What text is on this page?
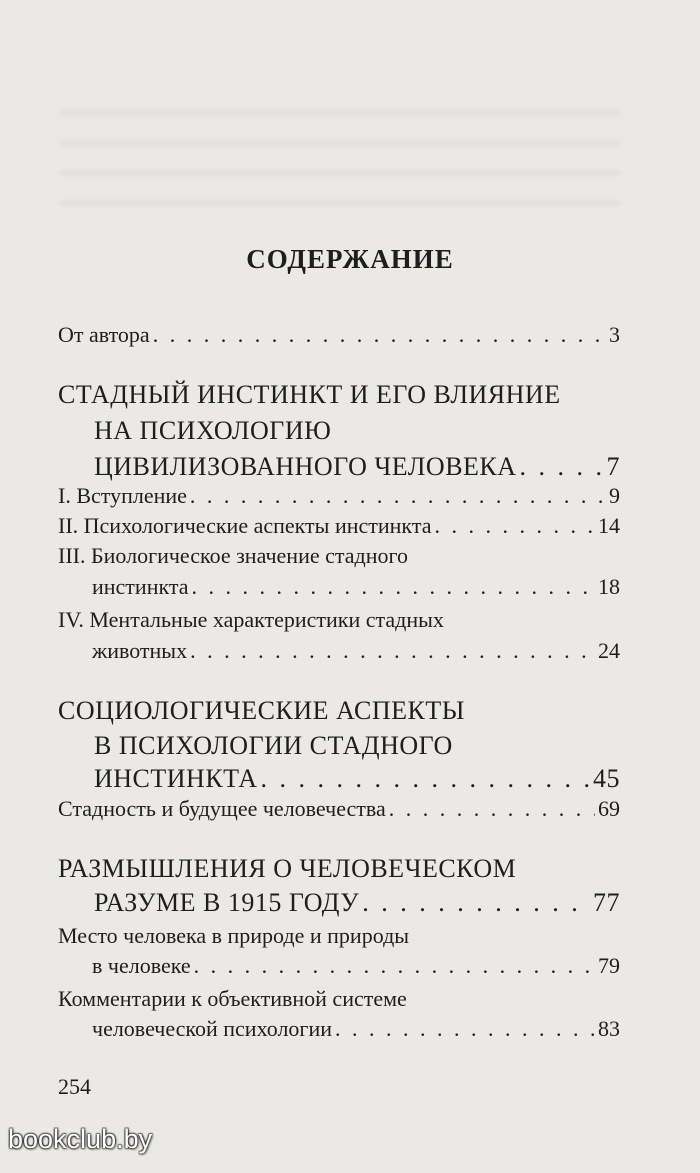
СОДЕРЖАНИЕ
От автора . . .	3
СТАДНЫЙ ИНСТИНКТ И ЕГО ВЛИЯНИЕ
НА ПСИХОЛОГИЮ
ЦИВИЛИЗОВАННОГО ЧЕЛОВЕКА . . .	7
I. Вступление . . .	9
II. Психологические аспекты инстинкта . . .	14
III. Биологическое значение стадного
инстинкта . . .	18
IV. Ментальные характеристики стадных
животных . . .	24
СОЦИОЛОГИЧЕСКИЕ АСПЕКТЫ
В ПСИХОЛОГИИ СТАДНОГО
ИНСТИНКТА . . .	45
Стадность и будущее человечества . . .	69
РАЗМЫШЛЕНИЯ О ЧЕЛОВЕЧЕСКОМ
РАЗУМЕ В 1915 ГОДУ . . .	77
Место человека в природе и природы
в человеке . . .	79
Комментарии к объективной системе
человеческой психологии . . .	83
254
bookclub.by
